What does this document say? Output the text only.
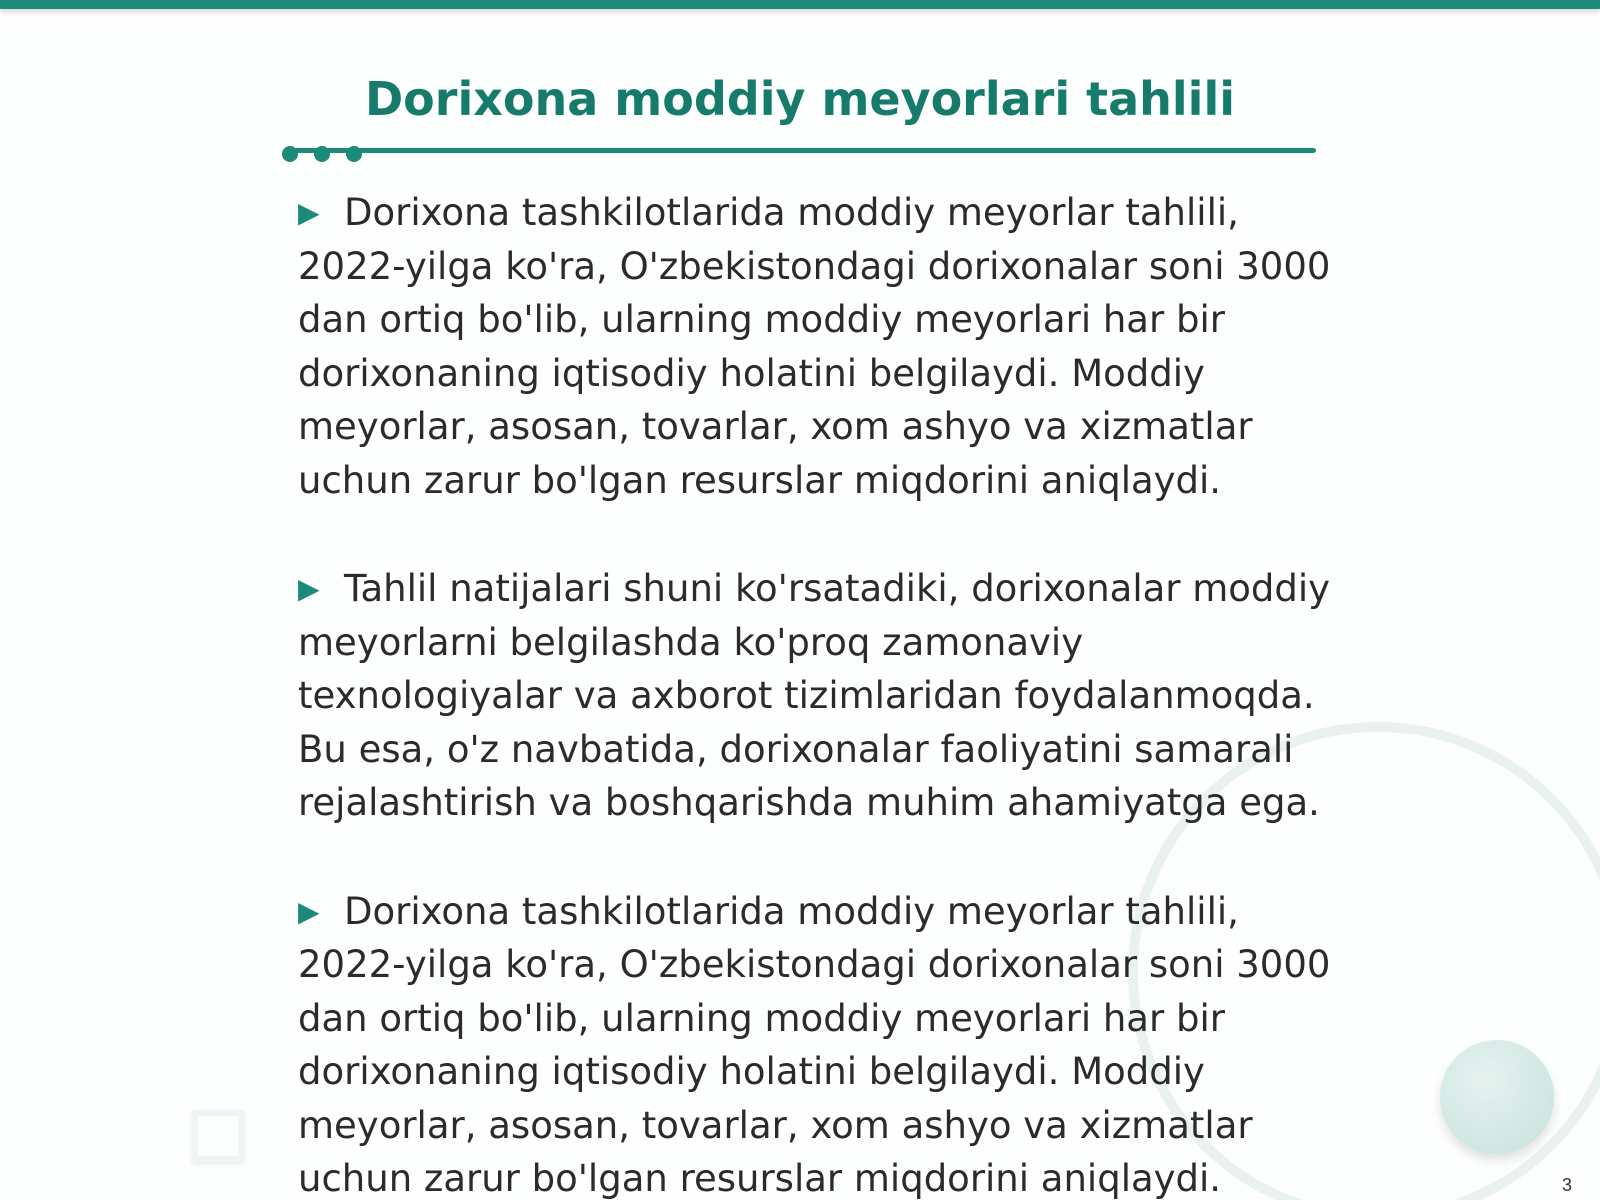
Dorixona moddiy meyorlari tahlili

▶ Dorixona tashkilotlarida moddiy meyorlar tahlili, 2022-yilga ko'ra, O'zbekistondagi dorixonalar soni 3000 dan ortiq bo'lib, ularning moddiy meyorlari har bir dorixonaning iqtisodiy holatini belgilaydi. Moddiy meyorlar, asosan, tovarlar, xom ashyo va xizmatlar uchun zarur bo'lgan resurslar miqdorini aniqlaydi.

▶ Tahlil natijalari shuni ko'rsatadiki, dorixonalar moddiy meyorlarni belgilashda ko'proq zamonaviy texnologiyalar va axborot tizimlaridan foydalanmoqda. Bu esa, o'z navbatida, dorixonalar faoliyatini samarali rejalashtirish va boshqarishda muhim ahamiyatga ega.

▶ Dorixona tashkilotlarida moddiy meyorlar tahlili, 2022-yilga ko'ra, O'zbekistondagi dorixonalar soni 3000 dan ortiq bo'lib, ularning moddiy meyorlari har bir dorixonaning iqtisodiy holatini belgilaydi. Moddiy meyorlar, asosan, tovarlar, xom ashyo va xizmatlar uchun zarur bo'lgan resurslar miqdorini aniqlaydi.	3
